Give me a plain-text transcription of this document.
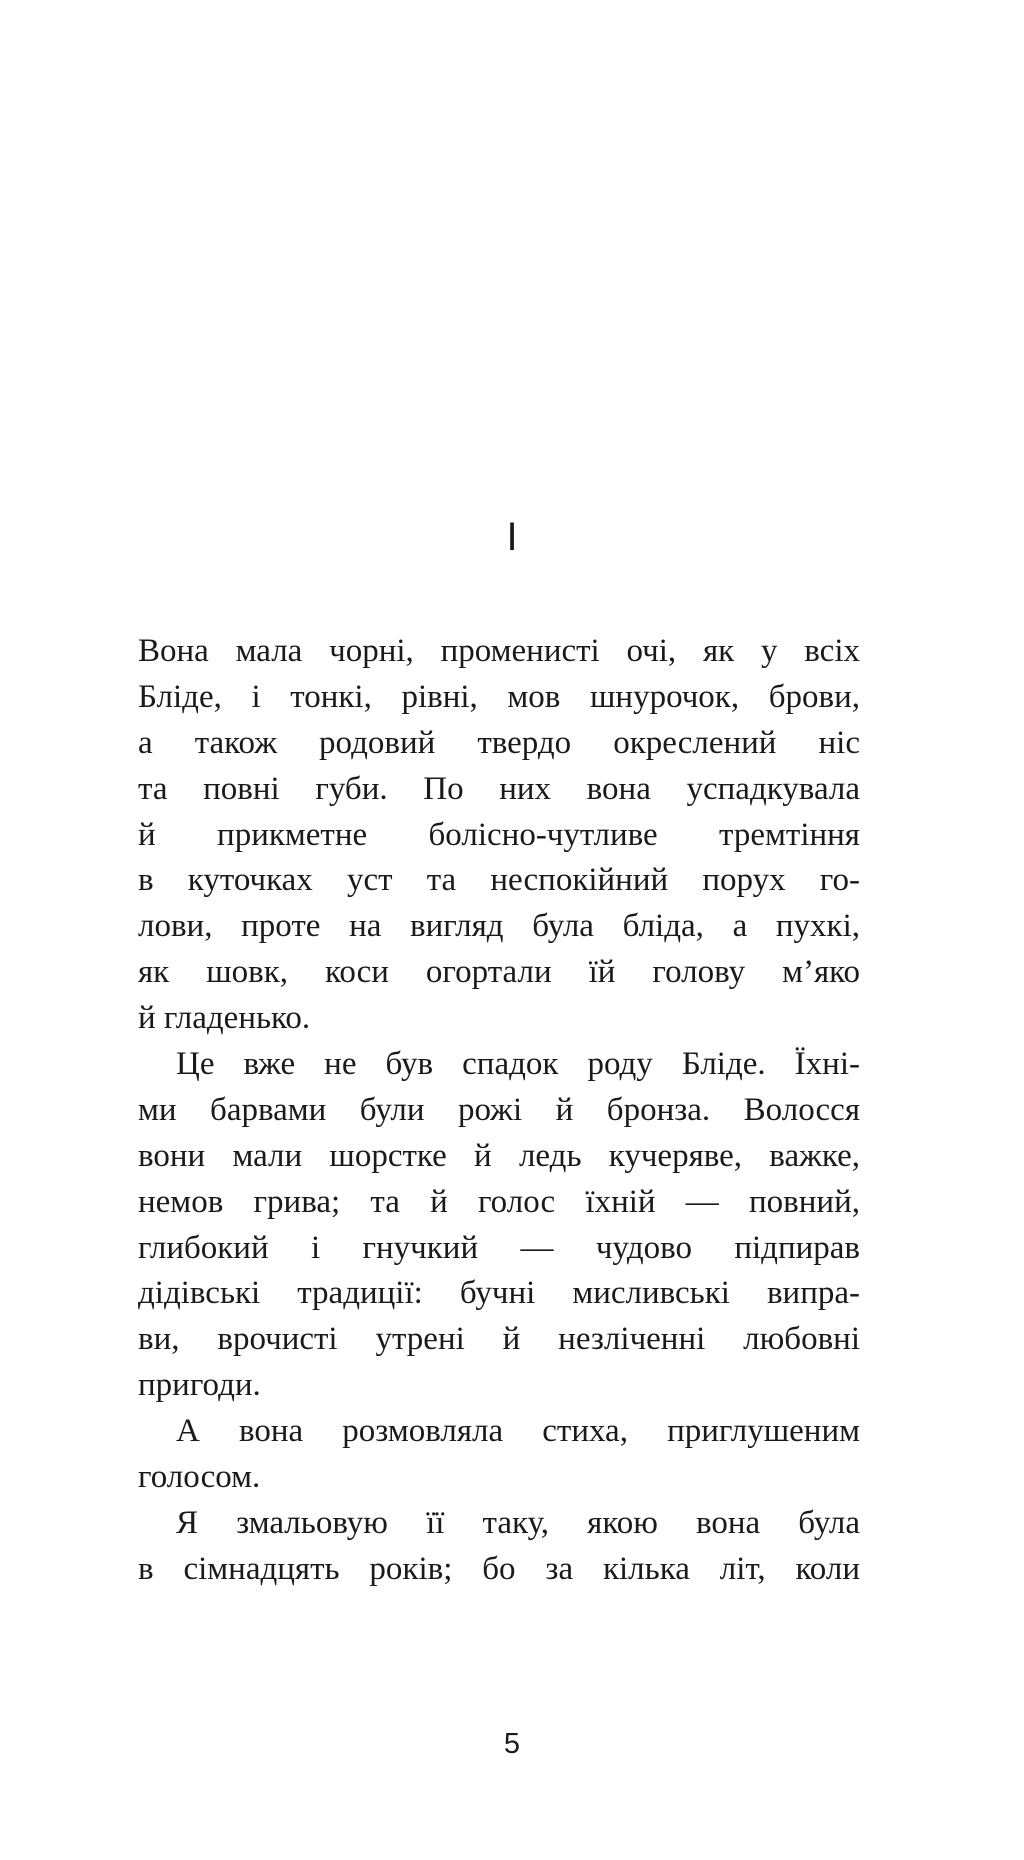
I
Вона мала чорні, променисті очі, як у всіх
Бліде, і тонкі, рівні, мов шнурочок, брови,
а також родовий твердо окреслений ніс
та повні губи. По них вона успадкувала
й прикметне болісно-чутливе тремтіння
в куточках уст та неспокійний порух го-
лови, проте на вигляд була бліда, а пухкі,
як шовк, коси огортали їй голову м’яко
й гладенько.
Це вже не був спадок роду Бліде. Їхні-
ми барвами були рожі й бронза. Волосся
вони мали шорстке й ледь кучеряве, важке,
немов грива; та й голос їхній — повний,
глибокий і гнучкий — чудово підпирав
дідівські традиції: бучні мисливські випра-
ви, врочисті утрені й незліченні любовні
пригоди.
А вона розмовляла стиха, приглушеним
голосом.
Я змальовую її таку, якою вона була
в сімнадцять років; бо за кілька літ, коли
5
